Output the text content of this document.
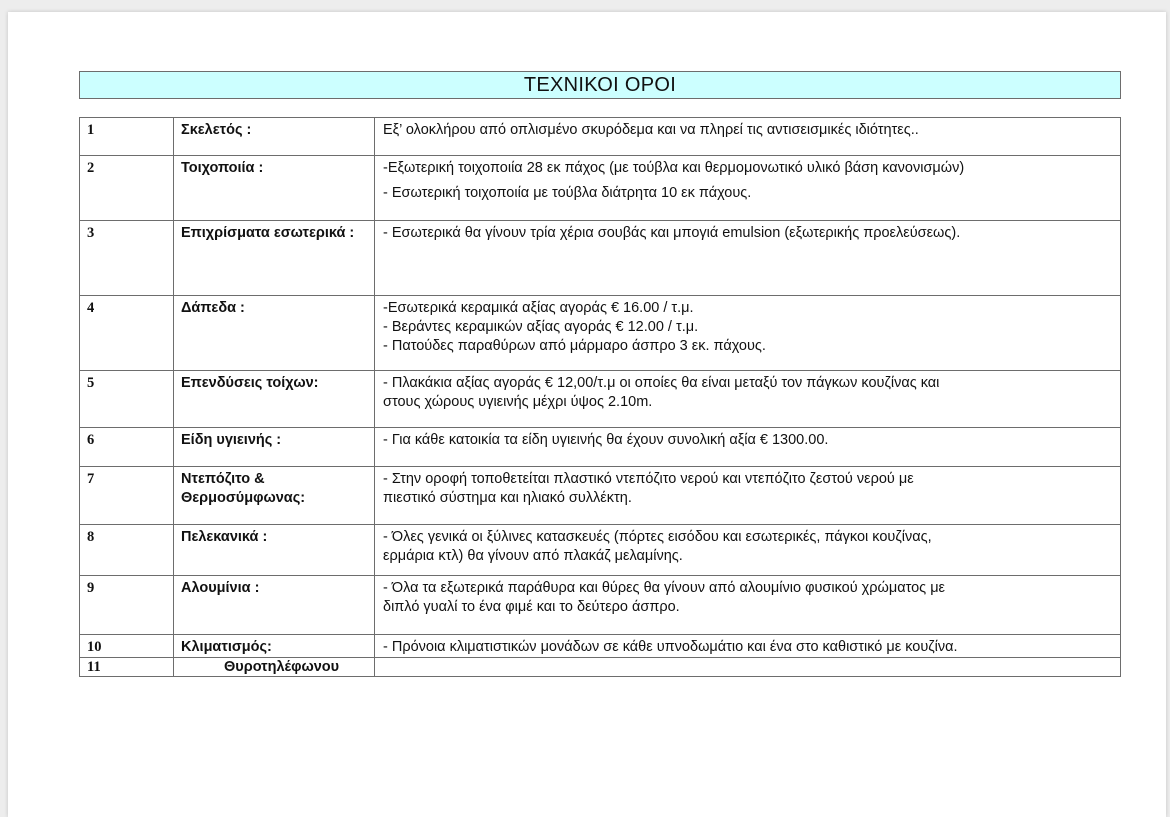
ΤΕΧΝΙΚΟΙ ΟΡΟΙ
1	Σκελετός :	Εξ’ ολοκλήρου από οπλισμένο σκυρόδεμα και να πληρεί τις αντισεισμικές ιδιότητες..

2	Τοιχοποιία :	-Εξωτερική τοιχοποιία 28 εκ πάχος (με τούβλα και θερμομονωτικό υλικό βάση κανονισμών)
- Εσωτερική τοιχοποιία με τούβλα διάτρητα 10 εκ πάχους.

3	Επιχρίσματα εσωτερικά :	- Εσωτερικά θα γίνουν τρία χέρια σουβάς και μπογιά emulsion (εξωτερικής προελεύσεως).

4	Δάπεδα :	-Εσωτερικά κεραμικά αξίας αγοράς € 16.00 / τ.μ.
- Βεράντες κεραμικών αξίας αγοράς € 12.00 / τ.μ.
- Πατούδες παραθύρων από μάρμαρο άσπρο 3 εκ. πάχους.

5	Επενδύσεις τοίχων:	- Πλακάκια αξίας αγοράς € 12,00/τ.μ οι οποίες θα είναι μεταξύ τον πάγκων κουζίνας και
στους χώρους υγιεινής μέχρι ύψος 2.10m.

6	Είδη υγιεινής :	- Για κάθε κατοικία τα είδη υγιεινής θα έχουν συνολική αξία € 1300.00.

7	Ντεπόζιτο & Θερμοσύμφωνας:	- Στην οροφή τοποθετείται πλαστικό ντεπόζιτο νερού και ντεπόζιτο ζεστού νερού με
πιεστικό σύστημα και ηλιακό συλλέκτη.

8	Πελεκανικά :	- Όλες γενικά οι ξύλινες κατασκευές (πόρτες εισόδου και εσωτερικές, πάγκοι κουζίνας,
ερμάρια κτλ) θα γίνουν από πλακάζ μελαμίνης.

9	Αλουμίνια :	- Όλα τα εξωτερικά παράθυρα και θύρες θα γίνουν από αλουμίνιο φυσικού χρώματος με
διπλό γυαλί το ένα φιμέ και το δεύτερο άσπρο.

10	Κλιματισμός:	- Πρόνοια κλιματιστικών μονάδων σε κάθε υπνοδωμάτιο και ένα στο καθιστικό με κουζίνα.

11	Θυροτηλέφωνου	
